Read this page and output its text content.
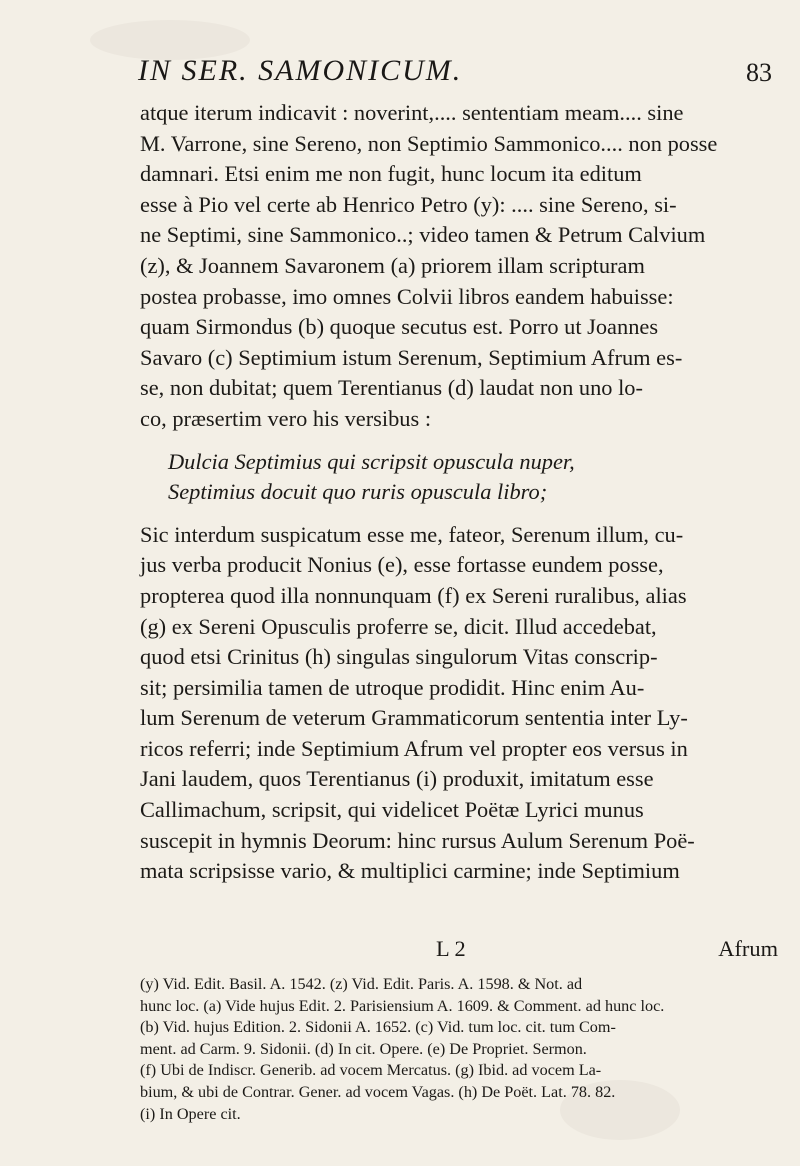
IN SER. SAMONICUM.	83
atque iterum indicavit : noverint,.... sententiam meam.... sine
M. Varrone, sine Sereno, non Septimio Sammonico.... non posse
damnari. Etsi enim me non fugit, hunc locum ita editum
esse à Pio vel certe ab Henrico Petro (y): .... sine Sereno, si-
ne Septimi, sine Sammonico..; video tamen & Petrum Calvium
(z), & Joannem Savaronem (a) priorem illam scripturam
postea probasse, imo omnes Colvii libros eandem habuisse:
quam Sirmondus (b) quoque secutus est. Porro ut Joannes
Savaro (c) Septimium istum Serenum, Septimium Afrum es-
se, non dubitat; quem Terentianus (d) laudat non uno lo-
co, præsertim vero his versibus :
Dulcia Septimius qui scripsit opuscula nuper,
Septimius docuit quo ruris opuscula libro;
Sic interdum suspicatum esse me, fateor, Serenum illum, cu-
jus verba producit Nonius (e), esse fortasse eundem posse,
propterea quod illa nonnunquam (f) ex Sereni ruralibus, alias
(g) ex Sereni Opusculis proferre se, dicit. Illud accedebat,
quod etsi Crinitus (h) singulas singulorum Vitas conscrip-
sit; persimilia tamen de utroque prodidit. Hinc enim Au-
lum Serenum de veterum Grammaticorum sententia inter Ly-
ricos referri; inde Septimium Afrum vel propter eos versus in
Jani laudem, quos Terentianus (i) produxit, imitatum esse
Callimachum, scripsit, qui videlicet Poëtæ Lyrici munus
suscepit in hymnis Deorum: hinc rursus Aulum Serenum Poë-
mata scripsisse vario, & multiplici carmine; inde Septimium
L 2	Afrum
(y) Vid. Edit. Basil. A. 1542. (z) Vid. Edit. Paris. A. 1598. & Not. ad
hunc loc. (a) Vide hujus Edit. 2. Parisiensium A. 1609. & Comment. ad hunc loc.
(b) Vid. hujus Edition. 2. Sidonii A. 1652. (c) Vid. tum loc. cit. tum Com-
ment. ad Carm. 9. Sidonii. (d) In cit. Opere. (e) De Propriet. Sermon.
(f) Ubi de Indiscr. Generib. ad vocem Mercatus. (g) Ibid. ad vocem La-
bium, & ubi de Contrar. Gener. ad vocem Vagas. (h) De Poët. Lat. 78. 82.
(i) In Opere cit.
